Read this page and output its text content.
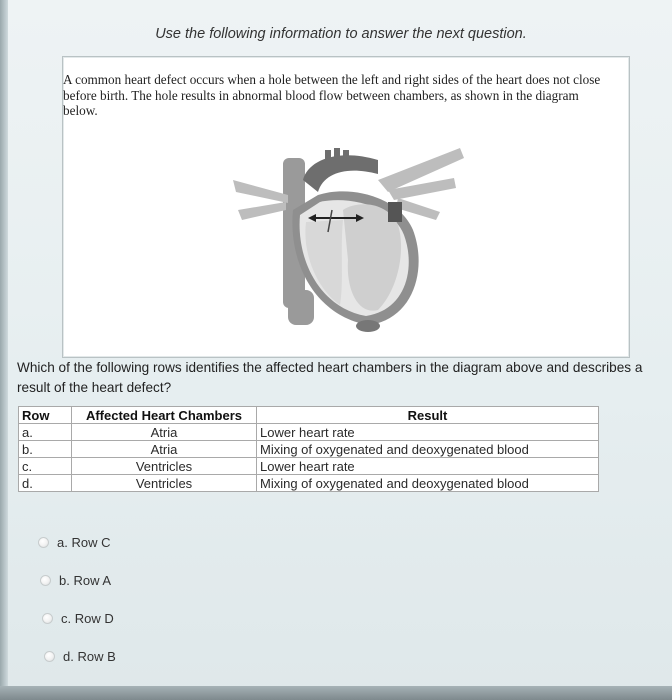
Use the following information to answer the next question.
A common heart defect occurs when a hole between the left and right sides of the heart does not close before birth. The hole results in abnormal blood flow between chambers, as shown in the diagram below.
Which of the following rows identifies the affected heart chambers in the diagram above and describes a result of the heart defect?
Row	Affected Heart Chambers	Result
a.	Atria	Lower heart rate
b.	Atria	Mixing of oxygenated and deoxygenated blood
c.	Ventricles	Lower heart rate
d.	Ventricles	Mixing of oxygenated and deoxygenated blood
a. Row C
b. Row A
c. Row D
d. Row B
